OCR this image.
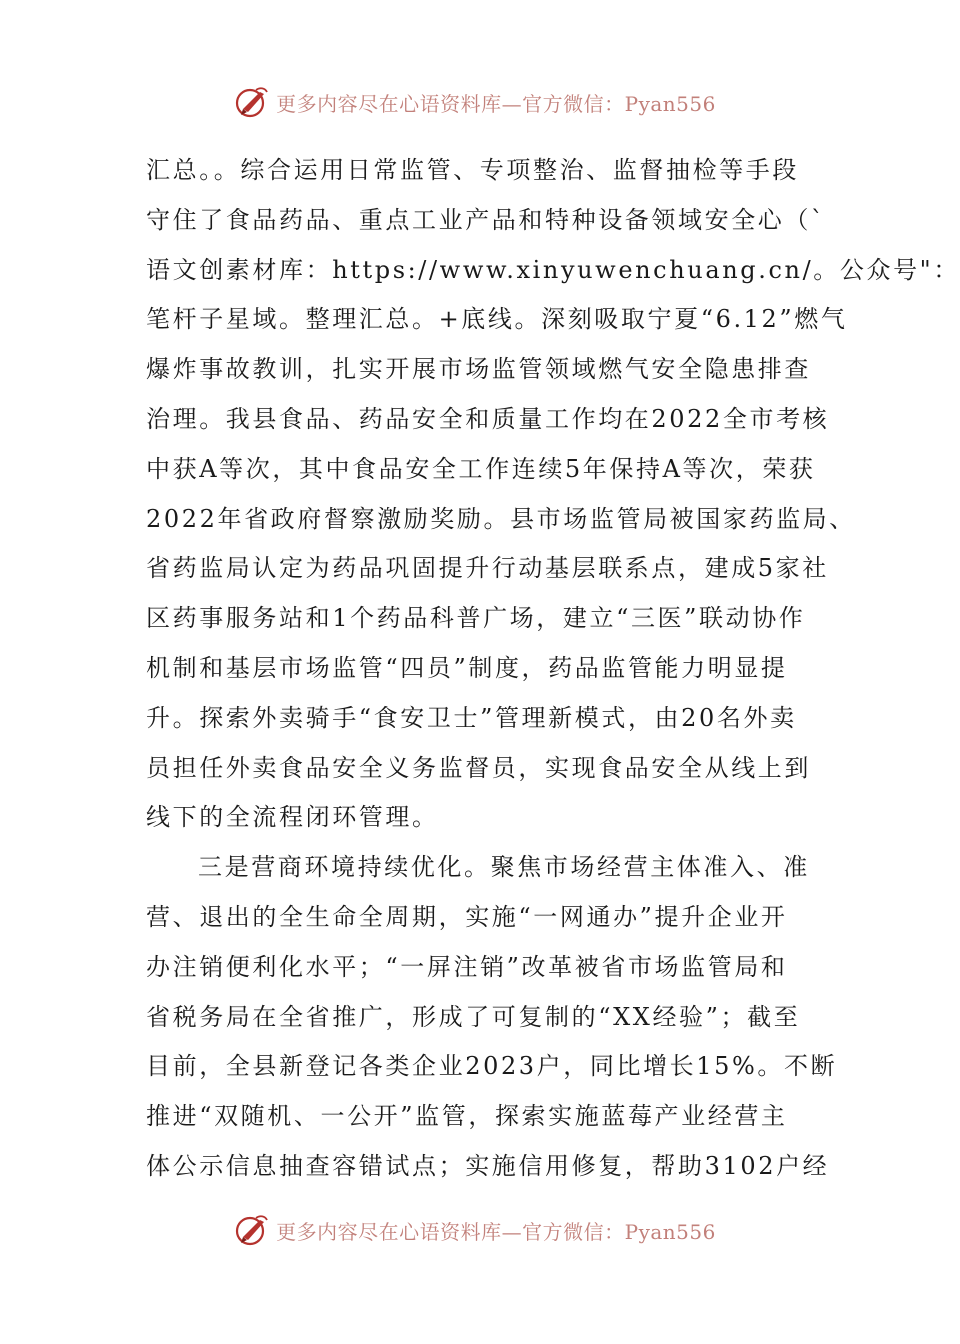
更多内容尽在心语资料库—官方微信：Pyan556
汇总。。综合运用日常监管、专项整治、监督抽检等手段
守住了食品药品、重点工业产品和特种设备领域安全心（`
语文创素材库：https://www.xinyuwenchuang.cn/。公众号"：
笔杆子星域。整理汇总。+底线。深刻吸取宁夏“6.12”燃气
爆炸事故教训，扎实开展市场监管领域燃气安全隐患排查
治理。我县食品、药品安全和质量工作均在2022全市考核
中获A等次，其中食品安全工作连续5年保持A等次，荣获
2022年省政府督察激励奖励。县市场监管局被国家药监局、
省药监局认定为药品巩固提升行动基层联系点，建成5家社
区药事服务站和1个药品科普广场，建立“三医”联动协作
机制和基层市场监管“四员”制度，药品监管能力明显提
升。探索外卖骑手“食安卫士”管理新模式，由20名外卖
员担任外卖食品安全义务监督员，实现食品安全从线上到
线下的全流程闭环管理。
三是营商环境持续优化。聚焦市场经营主体准入、准
营、退出的全生命全周期，实施“一网通办”提升企业开
办注销便利化水平；“一屏注销”改革被省市场监管局和
省税务局在全省推广，形成了可复制的“XX经验”；截至
目前，全县新登记各类企业2023户，同比增长15%。不断
推进“双随机、一公开”监管，探索实施蓝莓产业经营主
体公示信息抽查容错试点；实施信用修复，帮助3102户经
更多内容尽在心语资料库—官方微信：Pyan556
